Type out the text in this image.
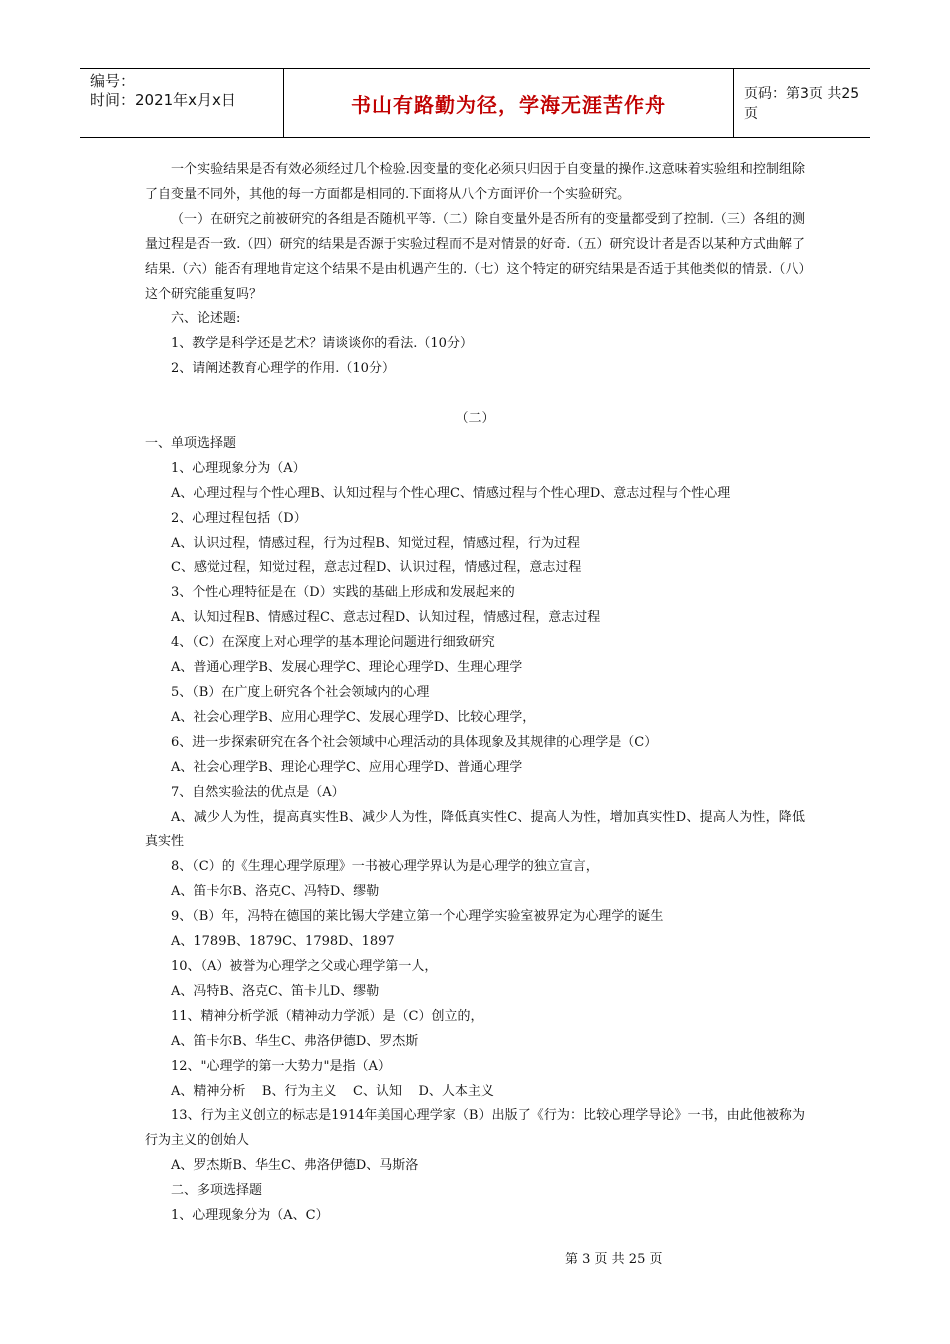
编号：
时间：2021年x月x日	书山有路勤为径，学海无涯苦作舟	页码：第3页 共25页
一个实验结果是否有效必须经过几个检验.因变量的变化必须只归因于自变量的操作.这意味着实验组和控制组除了自变量不同外，其他的每一方面都是相同的.下面将从八个方面评价一个实验研究。
（一）在研究之前被研究的各组是否随机平等.（二）除自变量外是否所有的变量都受到了控制.（三）各组的测量过程是否一致.（四）研究的结果是否源于实验过程而不是对情景的好奇.（五）研究设计者是否以某种方式曲解了结果.（六）能否有理地肯定这个结果不是由机遇产生的.（七）这个特定的研究结果是否适于其他类似的情景.（八）这个研究能重复吗？
六、论述题:
1、教学是科学还是艺术？请谈谈你的看法.（10分）
2、请阐述教育心理学的作用.（10分）
（二）
一、单项选择题
1、心理现象分为（A）
A、心理过程与个性心理B、认知过程与个性心理C、情感过程与个性心理D、意志过程与个性心理
2、心理过程包括（D）
A、认识过程，情感过程，行为过程B、知觉过程，情感过程，行为过程
C、感觉过程，知觉过程，意志过程D、认识过程，情感过程，意志过程
3、个性心理特征是在（D）实践的基础上形成和发展起来的
A、认知过程B、情感过程C、意志过程D、认知过程，情感过程，意志过程
4、（C）在深度上对心理学的基本理论问题进行细致研究
A、普通心理学B、发展心理学C、理论心理学D、生理心理学
5、（B）在广度上研究各个社会领域内的心理
A、社会心理学B、应用心理学C、发展心理学D、比较心理学，
6、进一步探索研究在各个社会领域中心理活动的具体现象及其规律的心理学是（C）
A、社会心理学B、理论心理学C、应用心理学D、普通心理学
7、自然实验法的优点是（A）
A、减少人为性，提高真实性B、减少人为性，降低真实性C、提高人为性，增加真实性D、提高人为性，降低真实性
8、（C）的《生理心理学原理》一书被心理学界认为是心理学的独立宣言，
A、笛卡尔B、洛克C、冯特D、缪勒
9、（B）年，冯特在德国的莱比锡大学建立第一个心理学实验室被界定为心理学的诞生
A、1789B、1879C、1798D、1897
10、（A）被誉为心理学之父或心理学第一人，
A、冯特B、洛克C、笛卡儿D、缪勒
11、精神分析学派（精神动力学派）是（C）创立的，
A、笛卡尔B、华生C、弗洛伊德D、罗杰斯
12、"心理学的第一大势力"是指（A）
A、精神分析    B、行为主义    C、认知    D、人本主义
13、行为主义创立的标志是1914年美国心理学家（B）出版了《行为：比较心理学导论》一书，由此他被称为行为主义的创始人
A、罗杰斯B、华生C、弗洛伊德D、马斯洛
二、多项选择题
1、心理现象分为（A、C）
第 3 页 共 25 页
